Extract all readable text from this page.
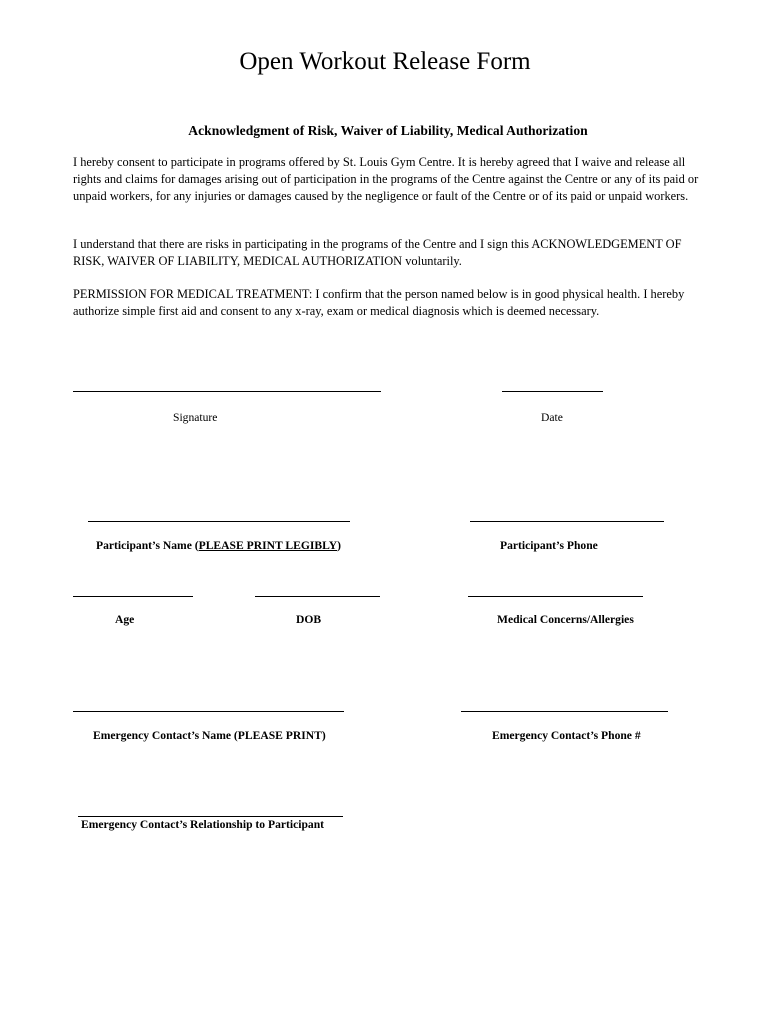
Open Workout Release Form
Acknowledgment of Risk, Waiver of Liability, Medical Authorization

I hereby consent to participate in programs offered by St. Louis Gym Centre. It is hereby agreed that I waive and release all rights and claims for damages arising out of participation in the programs of the Centre against the Centre or any of its paid or unpaid workers, for any injuries or damages caused by the negligence or fault of the Centre or of its paid or unpaid workers.

I understand that there are risks in participating in the programs of the Centre and I sign this ACKNOWLEDGEMENT OF RISK, WAIVER OF LIABILITY, MEDICAL AUTHORIZATION voluntarily.

PERMISSION FOR MEDICAL TREATMENT: I confirm that the person named below is in good physical health. I hereby authorize simple first aid and consent to any x-ray, exam or medical diagnosis which is deemed necessary.

Signature	Date
Participant’s Name (PLEASE PRINT LEGIBLY)	Participant’s Phone
Age	DOB	Medical Concerns/Allergies
Emergency Contact’s Name (PLEASE PRINT)	Emergency Contact’s Phone #
Emergency Contact’s Relationship to Participant
